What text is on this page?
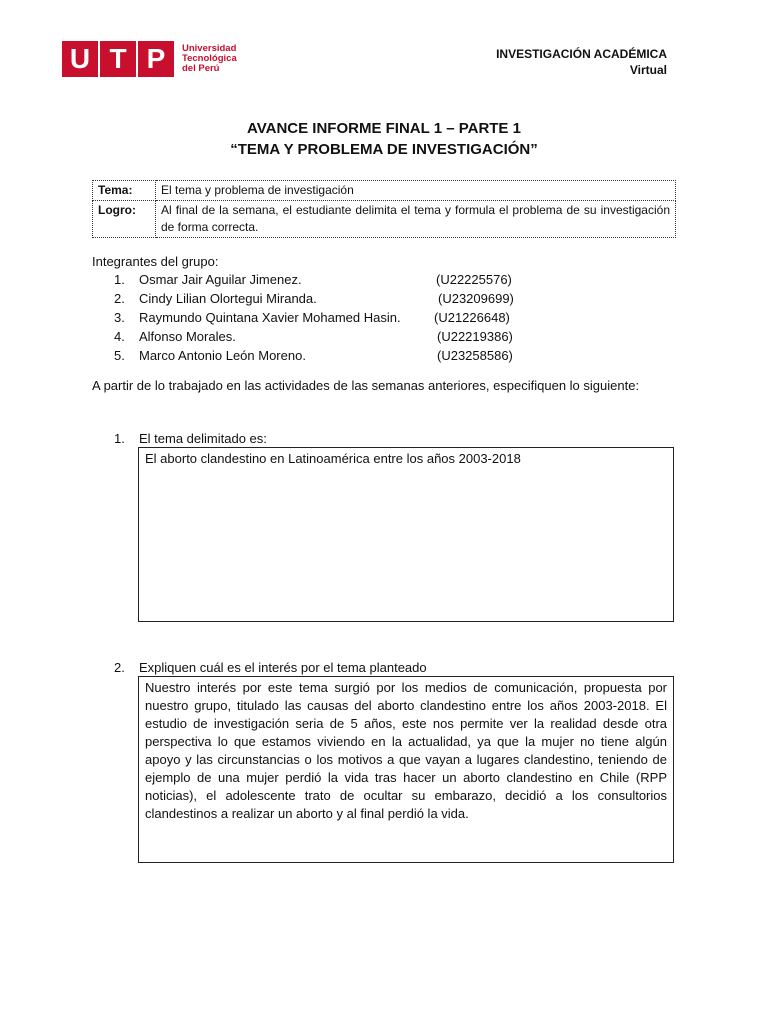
U T P	Universidad
Tecnológica
del Perú
INVESTIGACIÓN ACADÉMICA
Virtual
AVANCE INFORME FINAL 1 – PARTE 1
“TEMA Y PROBLEMA DE INVESTIGACIÓN”
Tema:	El tema y problema de investigación
Logro:	Al final de la semana, el estudiante delimita el tema y formula el problema de su investigación de forma correcta.
Integrantes del grupo:
1. Osmar Jair Aguilar Jimenez.	(U22225576)
2. Cindy Lilian Olortegui Miranda.	(U23209699)
3. Raymundo Quintana Xavier Mohamed Hasin.	(U21226648)
4. Alfonso Morales.	(U22219386)
5. Marco Antonio León Moreno.	(U23258586)
A partir de lo trabajado en las actividades de las semanas anteriores, especifiquen lo siguiente:
1. El tema delimitado es:
El aborto clandestino en Latinoamérica entre los años 2003-2018
2. Expliquen cuál es el interés por el tema planteado
Nuestro interés por este tema surgió por los medios de comunicación, propuesta por nuestro grupo, titulado las causas del aborto clandestino entre los años 2003-2018. El estudio de investigación seria de 5 años, este nos permite ver la realidad desde otra perspectiva lo que estamos viviendo en la actualidad, ya que la mujer no tiene algún apoyo y las circunstancias o los motivos a que vayan a lugares clandestino, teniendo de ejemplo de una mujer perdió la vida tras hacer un aborto clandestino en Chile (RPP noticias), el adolescente trato de ocultar su embarazo, decidió a los consultorios clandestinos a realizar un aborto y al final perdió la vida.
